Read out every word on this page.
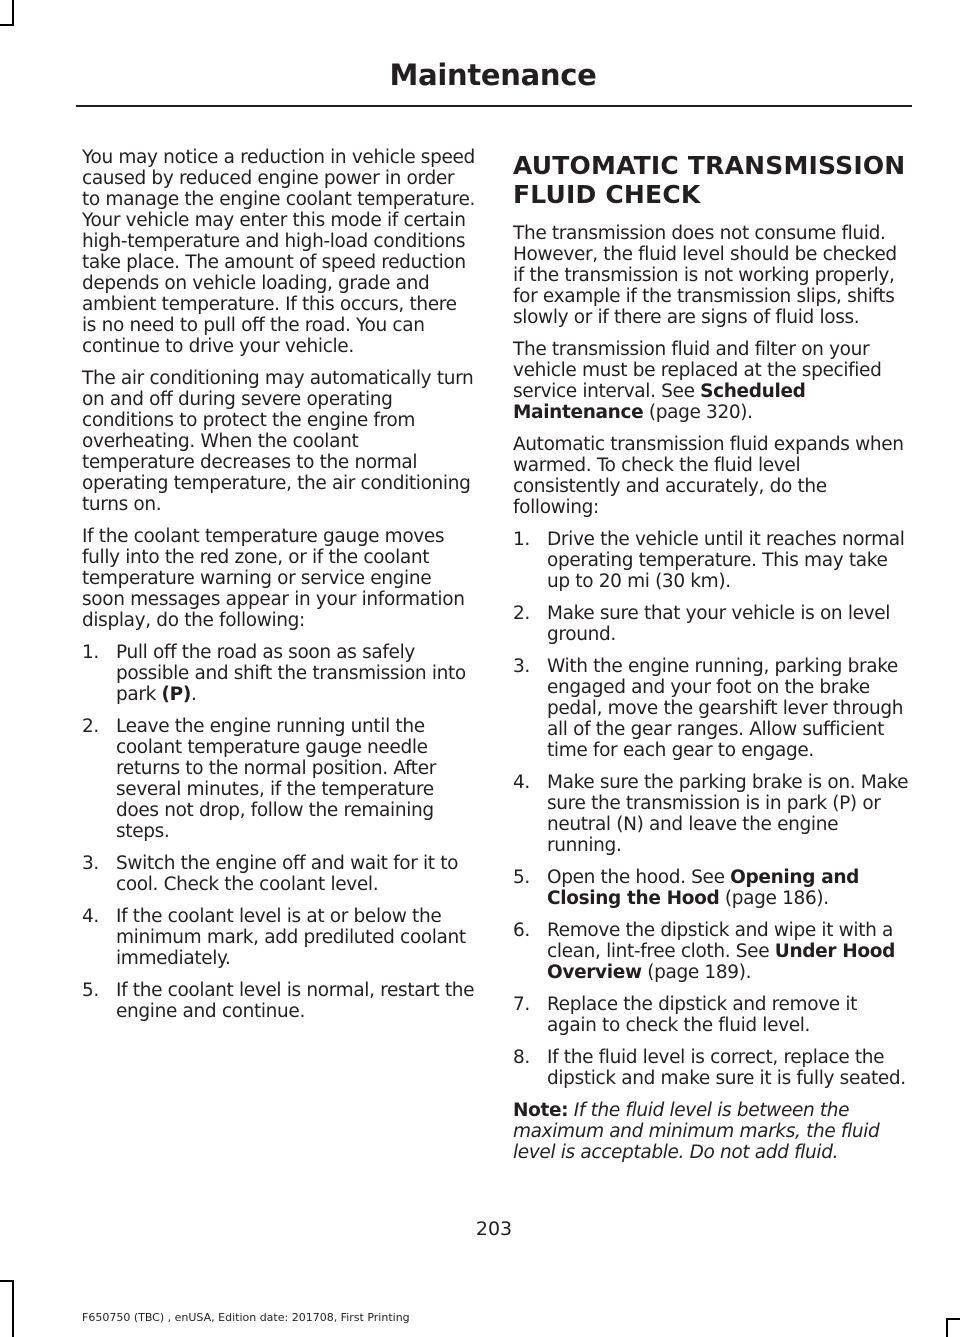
Maintenance

You may notice a reduction in vehicle speed caused by reduced engine power in order to manage the engine coolant temperature. Your vehicle may enter this mode if certain high-temperature and high-load conditions take place. The amount of speed reduction depends on vehicle loading, grade and ambient temperature. If this occurs, there is no need to pull off the road. You can continue to drive your vehicle.

The air conditioning may automatically turn on and off during severe operating conditions to protect the engine from overheating. When the coolant temperature decreases to the normal operating temperature, the air conditioning turns on.

If the coolant temperature gauge moves fully into the red zone, or if the coolant temperature warning or service engine soon messages appear in your information display, do the following:

1. Pull off the road as soon as safely possible and shift the transmission into park (P).
2. Leave the engine running until the coolant temperature gauge needle returns to the normal position. After several minutes, if the temperature does not drop, follow the remaining steps.
3. Switch the engine off and wait for it to cool. Check the coolant level.
4. If the coolant level is at or below the minimum mark, add prediluted coolant immediately.
5. If the coolant level is normal, restart the engine and continue.
AUTOMATIC TRANSMISSION FLUID CHECK

The transmission does not consume fluid. However, the fluid level should be checked if the transmission is not working properly, for example if the transmission slips, shifts slowly or if there are signs of fluid loss.

The transmission fluid and filter on your vehicle must be replaced at the specified service interval. See Scheduled Maintenance (page 320).

Automatic transmission fluid expands when warmed. To check the fluid level consistently and accurately, do the following:

1. Drive the vehicle until it reaches normal operating temperature. This may take up to 20 mi (30 km).
2. Make sure that your vehicle is on level ground.
3. With the engine running, parking brake engaged and your foot on the brake pedal, move the gearshift lever through all of the gear ranges. Allow sufficient time for each gear to engage.
4. Make sure the parking brake is on. Make sure the transmission is in park (P) or neutral (N) and leave the engine running.
5. Open the hood. See Opening and Closing the Hood (page 186).
6. Remove the dipstick and wipe it with a clean, lint-free cloth. See Under Hood Overview (page 189).
7. Replace the dipstick and remove it again to check the fluid level.
8. If the fluid level is correct, replace the dipstick and make sure it is fully seated.

Note: If the fluid level is between the maximum and minimum marks, the fluid level is acceptable. Do not add fluid.

203
F650750 (TBC) , enUSA, Edition date: 201708, First Printing
